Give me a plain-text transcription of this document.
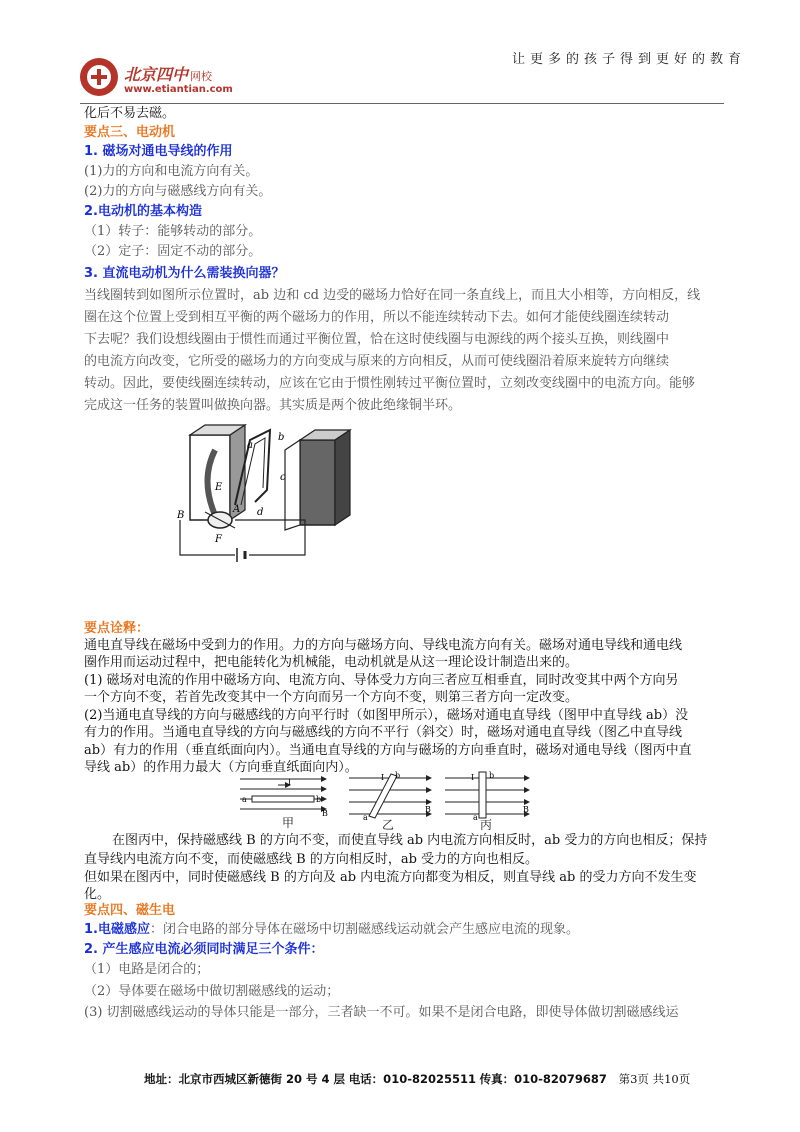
北京四中 网校
www.etiantian.com
让更多的孩子得到更好的教育
化后不易去磁。
要点三、电动机
1. 磁场对通电导线的作用
(1)力的方向和电流方向有关。
(2)力的方向与磁感线方向有关。
2.电动机的基本构造
（1）转子：能够转动的部分。
（2）定子：固定不动的部分。
3. 直流电动机为什么需装换向器？
当线圈转到如图所示位置时，ab 边和 cd 边受的磁场力恰好在同一条直线上，而且大小相等，方向相反，线
圈在这个位置上受到相互平衡的两个磁场力的作用，所以不能连续转动下去。如何才能使线圈连续转动
下去呢？我们设想线圈由于惯性而通过平衡位置，恰在这时使线圈与电源线的两个接头互换，则线圈中
的电流方向改变，它所受的磁场力的方向变成与原来的方向相反，从而可使线圈沿着原来旋转方向继续
转动。因此，要使线圈连续转动，应该在它由于惯性刚转过平衡位置时，立刻改变线圈中的电流方向。能够
完成这一任务的装置叫做换向器。其实质是两个彼此绝缘铜半环。
a
b
c
d
E
F
A
B
要点诠释：
通电直导线在磁场中受到力的作用。力的方向与磁场方向、导线电流方向有关。磁场对通电导线和通电线
圈作用而运动过程中，把电能转化为机械能，电动机就是从这一理论设计制造出来的。
(1) 磁场对电流的作用中磁场方向、电流方向、导体受力方向三者应互相垂直，同时改变其中两个方向另
一个方向不变，若首先改变其中一个方向而另一个方向不变，则第三者方向一定改变。
(2)当通电直导线的方向与磁感线的方向平行时（如图甲所示），磁场对通电直导线（图甲中直导线 ab）没
有力的作用。当通电直导线的方向与磁感线的方向不平行（斜交）时，磁场对通电直导线（图乙中直导线
ab）有力的作用（垂直纸面向内）。当通电直导线的方向与磁场的方向垂直时，磁场对通电导线（图丙中直
导线 ab）的作用力最大（方向垂直纸面向内）。
I
a	b
B
甲
I b
a
B
乙
I b
a
B
丙
在图丙中，保持磁感线 B 的方向不变，而使直导线 ab 内电流方向相反时，ab 受力的方向也相反；保持
直导线内电流方向不变，而使磁感线 B 的方向相反时，ab 受力的方向也相反。
但如果在图丙中，同时使磁感线 B 的方向及 ab 内电流方向都变为相反，则直导线 ab 的受力方向不发生变
化。
要点四、磁生电
1.电磁感应：闭合电路的部分导体在磁场中切割磁感线运动就会产生感应电流的现象。
2. 产生感应电流必须同时满足三个条件：
（1）电路是闭合的；
（2）导体要在磁场中做切割磁感线的运动；
(3) 切割磁感线运动的导体只能是一部分，三者缺一不可。如果不是闭合电路，即使导体做切割磁感线运
地址：北京市西城区新德街 20 号 4 层 电话：010-82025511 传真：010-82079687 第3页 共10页
